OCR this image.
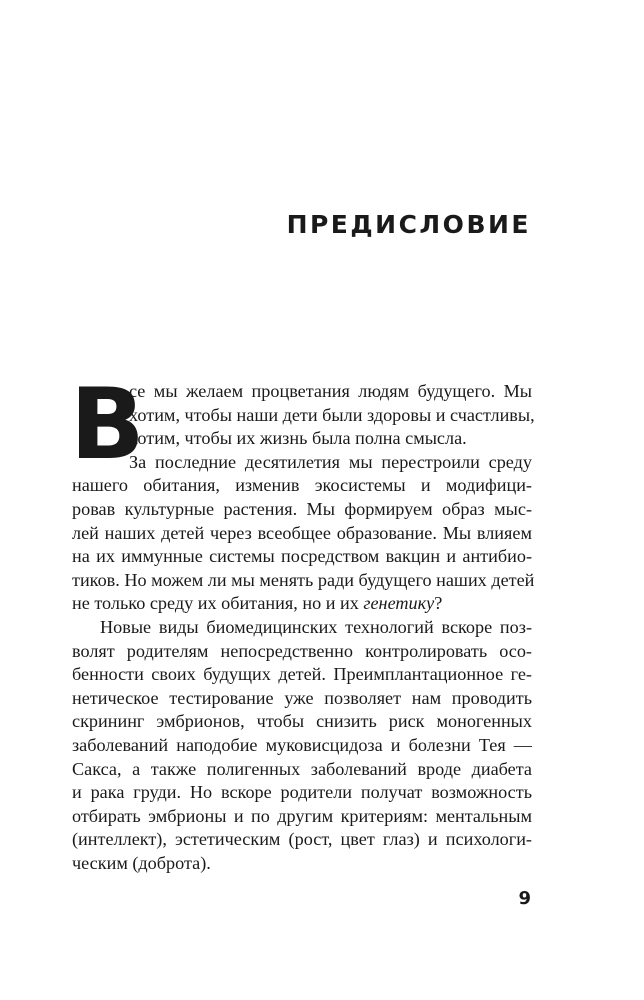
ПРЕДИСЛОВИЕ
В
се мы желаем процветания людям будущего. Мы
хотим, чтобы наши дети были здоровы и счастливы,
хотим, чтобы их жизнь была полна смысла.
За последние десятилетия мы перестроили среду
нашего обитания, изменив экосистемы и модифици-
ровав культурные растения. Мы формируем образ мыс-
лей наших детей через всеобщее образование. Мы влияем
на их иммунные системы посредством вакцин и антибио-
тиков. Но можем ли мы менять ради будущего наших детей
не только среду их обитания, но и их генетику?
Новые виды биомедицинских технологий вскоре поз-
волят родителям непосредственно контролировать осо-
бенности своих будущих детей. Преимплантационное ге-
нетическое тестирование уже позволяет нам проводить
скрининг эмбрионов, чтобы снизить риск моногенных
заболеваний наподобие муковисцидоза и болезни Тея —
Сакса, а также полигенных заболеваний вроде диабета
и рака груди. Но вскоре родители получат возможность
отбирать эмбрионы и по другим критериям: ментальным
(интеллект), эстетическим (рост, цвет глаз) и психологи-
ческим (доброта).
9
